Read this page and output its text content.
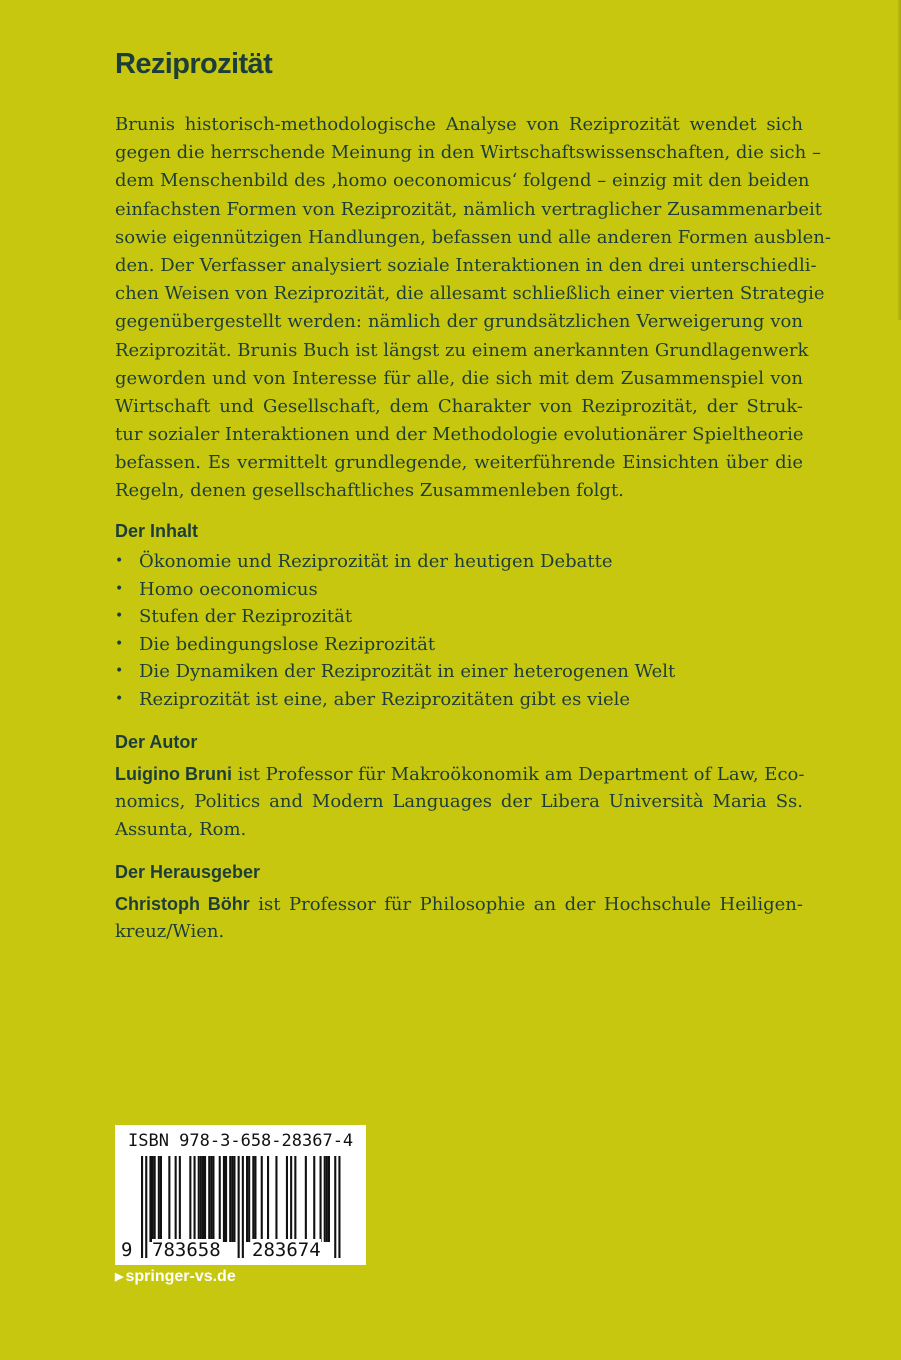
Reziprozität
Brunis historisch-methodologische Analyse von Reziprozität wendet sich
gegen die herrschende Meinung in den Wirtschaftswissenschaften, die sich –
dem Menschenbild des ‚homo oeconomicus‘ folgend – einzig mit den beiden
einfachsten Formen von Reziprozität, nämlich vertraglicher Zusammenarbeit
sowie eigennützigen Handlungen, befassen und alle anderen Formen ausblen-
den. Der Verfasser analysiert soziale Interaktionen in den drei unterschiedli-
chen Weisen von Reziprozität, die allesamt schließlich einer vierten Strategie
gegenübergestellt werden: nämlich der grundsätzlichen Verweigerung von
Reziprozität. Brunis Buch ist längst zu einem anerkannten Grundlagenwerk
geworden und von Interesse für alle, die sich mit dem Zusammenspiel von
Wirtschaft und Gesellschaft, dem Charakter von Reziprozität, der Struk-
tur sozialer Interaktionen und der Methodologie evolutionärer Spieltheorie
befassen. Es vermittelt grundlegende, weiterführende Einsichten über die
Regeln, denen gesellschaftliches Zusammenleben folgt.
Der Inhalt
• Ökonomie und Reziprozität in der heutigen Debatte
• Homo oeconomicus
• Stufen der Reziprozität
• Die bedingungslose Reziprozität
• Die Dynamiken der Reziprozität in einer heterogenen Welt
• Reziprozität ist eine, aber Reziprozitäten gibt es viele
Der Autor
Luigino Bruni ist Professor für Makroökonomik am Department of Law, Eco-
nomics, Politics and Modern Languages der Libera Università Maria Ss.
Assunta, Rom.
Der Herausgeber
Christoph Böhr ist Professor für Philosophie an der Hochschule Heiligen-
kreuz/Wien.
ISBN 978-3-658-28367-4
9 783658 283674
▶ springer-vs.de
